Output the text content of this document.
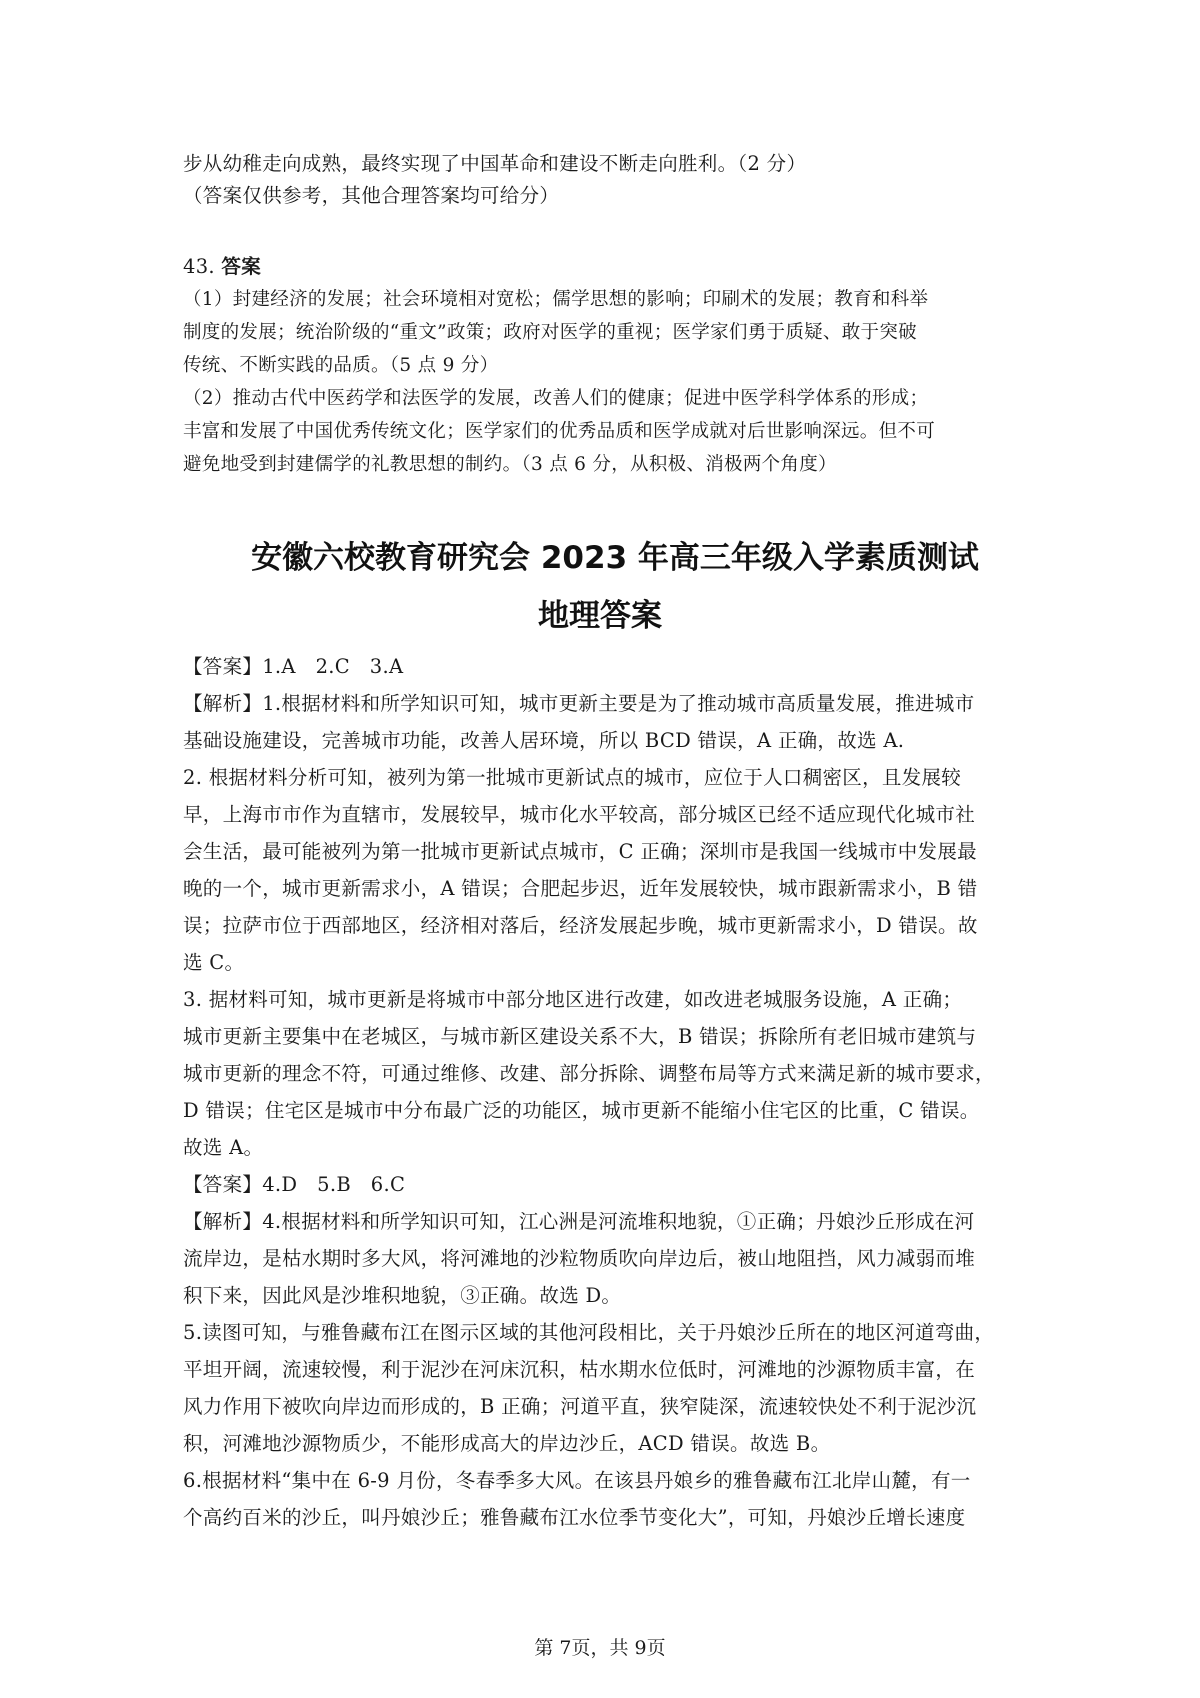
步从幼稚走向成熟，最终实现了中国革命和建设不断走向胜利。（2 分）
（答案仅供参考，其他合理答案均可给分）
43. 答案
（1）封建经济的发展；社会环境相对宽松；儒学思想的影响；印刷术的发展；教育和科举
制度的发展；统治阶级的“重文”政策；政府对医学的重视；医学家们勇于质疑、敢于突破
传统、不断实践的品质。（5 点 9 分）
（2）推动古代中医药学和法医学的发展，改善人们的健康；促进中医学科学体系的形成；
丰富和发展了中国优秀传统文化；医学家们的优秀品质和医学成就对后世影响深远。但不可
避免地受到封建儒学的礼教思想的制约。（3 点 6 分，从积极、消极两个角度）
安徽六校教育研究会 2023 年高三年级入学素质测试
地理答案
【答案】1.A　2.C　3.A
【解析】1.根据材料和所学知识可知，城市更新主要是为了推动城市高质量发展，推进城市
基础设施建设，完善城市功能，改善人居环境，所以 BCD 错误，A 正确，故选 A.
2. 根据材料分析可知，被列为第一批城市更新试点的城市，应位于人口稠密区，且发展较
早，上海市市作为直辖市，发展较早，城市化水平较高，部分城区已经不适应现代化城市社
会生活，最可能被列为第一批城市更新试点城市，C 正确；深圳市是我国一线城市中发展最
晚的一个，城市更新需求小，A 错误；合肥起步迟，近年发展较快，城市跟新需求小，B 错
误；拉萨市位于西部地区，经济相对落后，经济发展起步晚，城市更新需求小，D 错误。故
选 C。
3. 据材料可知，城市更新是将城市中部分地区进行改建，如改进老城服务设施，A 正确；
城市更新主要集中在老城区，与城市新区建设关系不大，B 错误；拆除所有老旧城市建筑与
城市更新的理念不符，可通过维修、改建、部分拆除、调整布局等方式来满足新的城市要求，
D 错误；住宅区是城市中分布最广泛的功能区，城市更新不能缩小住宅区的比重，C 错误。
故选 A。
【答案】4.D　5.B　6.C
【解析】4.根据材料和所学知识可知，江心洲是河流堆积地貌，①正确；丹娘沙丘形成在河
流岸边，是枯水期时多大风，将河滩地的沙粒物质吹向岸边后，被山地阻挡，风力减弱而堆
积下来，因此风是沙堆积地貌，③正确。故选 D。
5.读图可知，与雅鲁藏布江在图示区域的其他河段相比，关于丹娘沙丘所在的地区河道弯曲，
平坦开阔，流速较慢，利于泥沙在河床沉积，枯水期水位低时，河滩地的沙源物质丰富，在
风力作用下被吹向岸边而形成的，B 正确；河道平直，狭窄陡深，流速较快处不利于泥沙沉
积，河滩地沙源物质少，不能形成高大的岸边沙丘，ACD 错误。故选 B。
6.根据材料“集中在 6-9 月份，冬春季多大风。在该县丹娘乡的雅鲁藏布江北岸山麓，有一
个高约百米的沙丘，叫丹娘沙丘；雅鲁藏布江水位季节变化大”，可知，丹娘沙丘增长速度
第 7页，共 9页
